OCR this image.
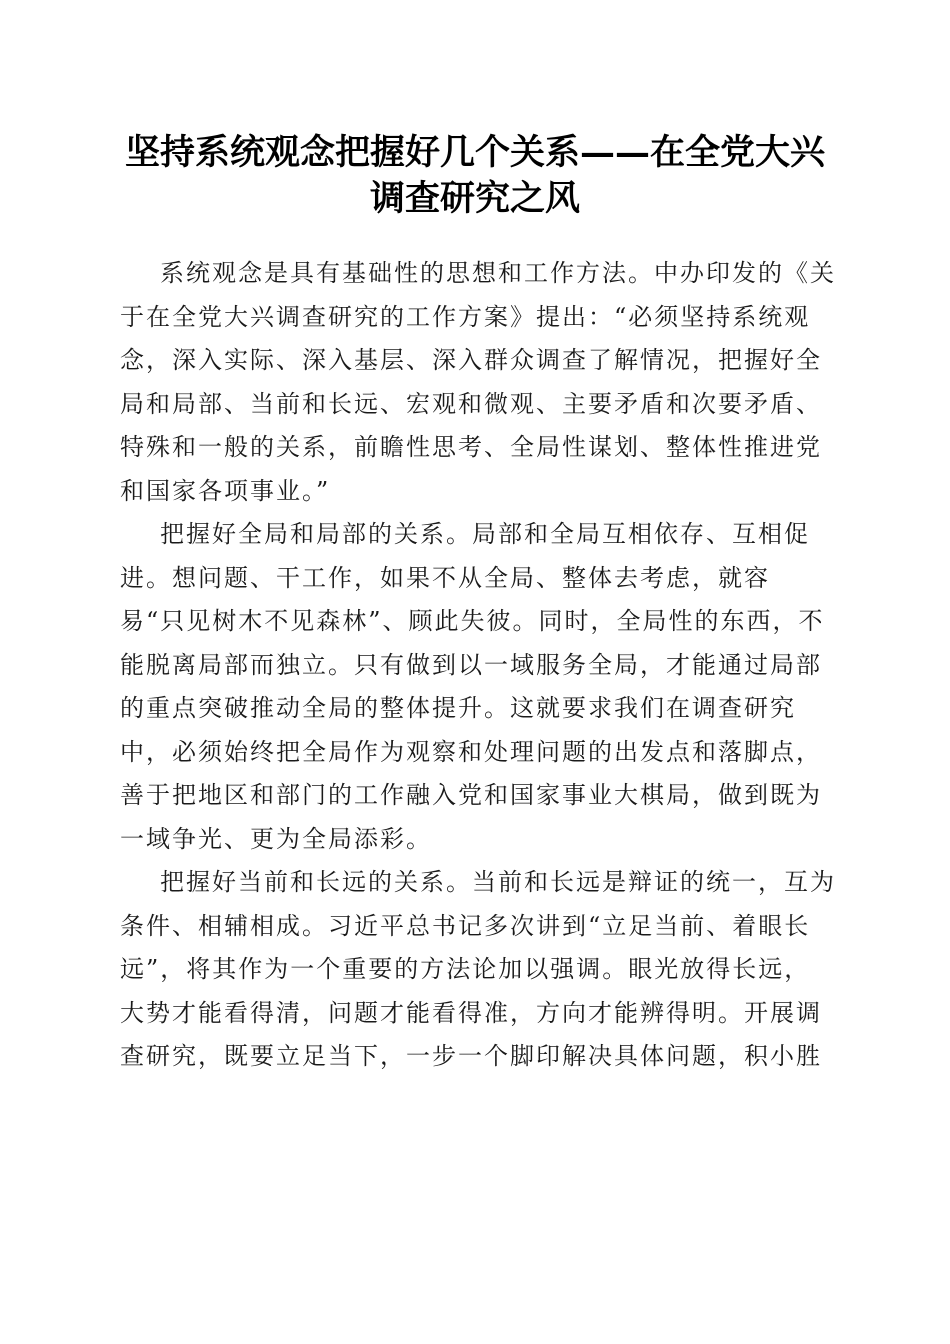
坚持系统观念把握好几个关系——在全党大兴
调查研究之风

系统观念是具有基础性的思想和工作方法。中办印发的《关于在全党大兴调查研究的工作方案》提出：“必须坚持系统观念，深入实际、深入基层、深入群众调查了解情况，把握好全局和局部、当前和长远、宏观和微观、主要矛盾和次要矛盾、特殊和一般的关系，前瞻性思考、全局性谋划、整体性推进党和国家各项事业。”

把握好全局和局部的关系。局部和全局互相依存、互相促进。想问题、干工作，如果不从全局、整体去考虑，就容易“只见树木不见森林”、顾此失彼。同时，全局性的东西，不能脱离局部而独立。只有做到以一域服务全局，才能通过局部的重点突破推动全局的整体提升。这就要求我们在调查研究中，必须始终把全局作为观察和处理问题的出发点和落脚点，善于把地区和部门的工作融入党和国家事业大棋局，做到既为一域争光、更为全局添彩。

把握好当前和长远的关系。当前和长远是辩证的统一，互为条件、相辅相成。习近平总书记多次讲到“立足当前、着眼长远”，将其作为一个重要的方法论加以强调。眼光放得长远，大势才能看得清，问题才能看得准，方向才能辨得明。开展调查研究，既要立足当下，一步一个脚印解决具体问题，积小胜
